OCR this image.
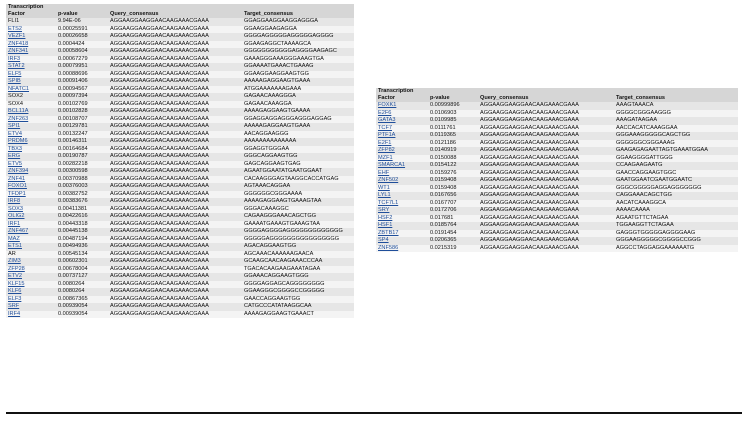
Transcription
Factor	p-value	Query_consensus	Target_consensus
FLI1	9.94E-06	AGGAAGGAAGGAACAAGAAACGAAA	GGAGGAAGGAAGGAGGGA
ETS2	0.00025591	AGGAAGGAAGGAACAAGAAACGAAA	GGAAGGAAGAGGA
VEZF1	0.00026658	AGGAAGGAAGGAACAAGAAACGAAA	GGGGAGGGGGAGGGGGAGGGG
ZNF418	0.0004424	AGGAAGGAAGGAACAAGAAACGAAA	GGAAGAGGCTAAAAGCA
ZNF341	0.00058604	AGGAAGGAAGGAACAAGAAACGAAA	GGGGGGGGGGGAGGGGAAGAGC
IRF3	0.00067279	AGGAAGGAAGGAACAAGAAACGAAA	GAAAGGGAAAGGGAAAGTGA
STAT2	0.00079951	AGGAAGGAAGGAACAAGAAACGAAA	GGAAAATGAAACTGAAAG
ELF5	0.00088696	AGGAAGGAAGGAACAAGAAACGAAA	GGAAGGAAGGAAGTGG
SPIB	0.00091406	AGGAAGGAAGGAACAAGAAACGAAA	AAAAAGAGGAAGTGAAA
NFATC1	0.00094567	AGGAAGGAAGGAACAAGAAACGAAA	ATGGAAAAAAAGAAA
SOX2	0.00097394	AGGAAGGAAGGAACAAGAAACGAAA	GAGAACAAAGGGA
SOX4	0.00102769	AGGAAGGAAGGAACAAGAAACGAAA	GAGAACAAAGGA
BCL11A	0.00102828	AGGAAGGAAGGAACAAGAAACGAAA	AAAAGAGGAAGTGAAAA
ZNF263	0.00108707	AGGAAGGAAGGAACAAGAAACGAAA	GGAGGAGGAGGGAGGGAGGAG
SPI1	0.00129781	AGGAAGGAAGGAACAAGAAACGAAA	AAAAAGAGGAAGTGAAA
ETV4	0.00132247	AGGAAGGAAGGAACAAGAAACGAAA	AACAGGAAGGG
PRDM6	0.00146311	AGGAAGGAAGGAACAAGAAACGAAA	AAAAAAAAAAAAAA
TBX3	0.00164684	AGGAAGGAAGGAACAAGAAACGAAA	GGAGGTGGGAA
ERG	0.00190787	AGGAAGGAAGGAACAAGAAACGAAA	GGGCAGGAAGTGG
ETV5	0.00282218	AGGAAGGAAGGAACAAGAAACGAAA	GAGCAGGAAGTGAG
ZNF394	0.00300598	AGGAAGGAAGGAACAAGAAACGAAA	AGAATGGAATATGAATGGAAT
ZNF41	0.00370988	AGGAAGGAAGGAACAAGAAACGAAA	CACAAGGGAGTAAGGCACCATGAG
FOXO1	0.00376003	AGGAAGGAAGGAACAAGAAACGAAA	AGTAAACAGGAA
TFDP1	0.00382752	AGGAAGGAAGGAACAAGAAACGAAA	GGGGGGCGGGAAAA
IRF8	0.00383676	AGGAAGGAAGGAACAAGAAACGAAA	AAAAGAGGAAGTGAAAGTAA
SOX3	0.00411381	AGGAAGGAAGGAACAAGAAACGAAA	GGGACAAAGGC
OLIG2	0.00422616	AGGAAGGAAGGAACAAGAAACGAAA	CAGAAGGGAAACAGCTGG
IRF1	0.00443318	AGGAAGGAAGGAACAAGAAACGAAA	GAAAATGAAAGTGAAAGTAA
ZNF467	0.00445138	AGGAAGGAAGGAACAAGAAACGAAA	GGGGAGGGGAGGGGGGGGGGGGG
MAZ	0.00487194	AGGAAGGAAGGAACAAGAAACGAAA	GGGGGAGGGGGGGGGGGGGGGG
ETS1	0.00494936	AGGAAGGAAGGAACAAGAAACGAAA	AGACAGGAAGTGG
AR	0.00545134	AGGAAGGAAGGAACAAGAAACGAAA	AGCAAACAAAAAAGAACA
ZIM3	0.00602301	AGGAAGGAAGGAACAAGAAACGAAA	GCAAGCAACAAGAAACCCAA
ZFP28	0.00678004	AGGAAGGAAGGAACAAGAAACGAAA	TGACACAAGAAGAAATAGAA
ETV2	0.00737127	AGGAAGGAAGGAACAAGAAACGAAA	GGAAACAGGAAGTGGG
KLF15	0.0080264	AGGAAGGAAGGAACAAGAAACGAAA	GGGGAGGAGCAGGGGGGGG
KLF6	0.0080264	AGGAAGGAAGGAACAAGAAACGAAA	GGAAGGGCGGGGCCGGGGG
ELF3	0.00867365	AGGAAGGAAGGAACAAGAAACGAAA	GAACCAGGAAGTGG
SRF	0.00939054	AGGAAGGAAGGAACAAGAAACGAAA	CATGCCCATATAAGGCAA
IRF4	0.00939054	AGGAAGGAAGGAACAAGAAACGAAA	AAAAGAGGAAGTGAAACT
Transcription
Factor	p-value	Query_consensus	Target_consensus
FOXK1	0.00999896	AGGAAGGAAGGAACAAGAAACGAAA	AAAGTAAACA
E2F6	0.0106903	AGGAAGGAAGGAACAAGAAACGAAA	GGGGCGGGAAGGG
GATA3	0.0109985	AGGAAGGAAGGAACAAGAAACGAAA	AAAGATAAGAA
TCF7	0.0111761	AGGAAGGAAGGAACAAGAAACGAAA	AACCACATCAAAGGAA
PTF1A	0.0119365	AGGAAGGAAGGAACAAGAAACGAAA	GGGAAAGGGGGCAGCTGG
E2F1	0.0121186	AGGAAGGAAGGAACAAGAAACGAAA	GGGGGGCGGGAAAG
ZFP82	0.0140919	AGGAAGGAAGGAACAAGAAACGAAA	GAAGAGAGAATTAGTGAAATGGAA
MZF1	0.0150088	AGGAAGGAAGGAACAAGAAACGAAA	GGAAGGGGATTGGG
SMARCA1	0.0154122	AGGAAGGAAGGAACAAGAAACGAAA	CCAAGAAGAATG
EHF	0.0159276	AGGAAGGAAGGAACAAGAAACGAAA	GAACCAGGAAGTGGC
ZNF502	0.0159408	AGGAAGGAAGGAACAAGAAACGAAA	GAATGGAATCGAATGGAATC
WT1	0.0159408	AGGAAGGAAGGAACAAGAAACGAAA	GGGCGGGGGAGGAGGGGGGG
LYL1	0.0167656	AGGAAGGAAGGAACAAGAAACGAAA	CAGGAAACAGCTGG
TCF7L1	0.0167707	AGGAAGGAAGGAACAAGAAACGAAA	AACATCAAAGGCA
SRY	0.0172706	AGGAAGGAAGGAACAAGAAACGAAA	AAAACAAAA
HSF2	0.017681	AGGAAGGAAGGAACAAGAAACGAAA	AGAATGTTCTAGAA
HSF1	0.0185764	AGGAAGGAAGGAACAAGAAACGAAA	TGGAAGGTTCTAGAA
ZBTB17	0.0191454	AGGAAGGAAGGAACAAGAAACGAAA	GAGGGTGGGGGAGGGGAAG
SP4	0.0206365	AGGAAGGAAGGAACAAGAAACGAAA	GGGAAGGGGGCGGGGCCGGG
ZNF586	0.0215319	AGGAAGGAAGGAACAAGAAACGAAA	AGGCCTAGGAGGAAAAAATG
